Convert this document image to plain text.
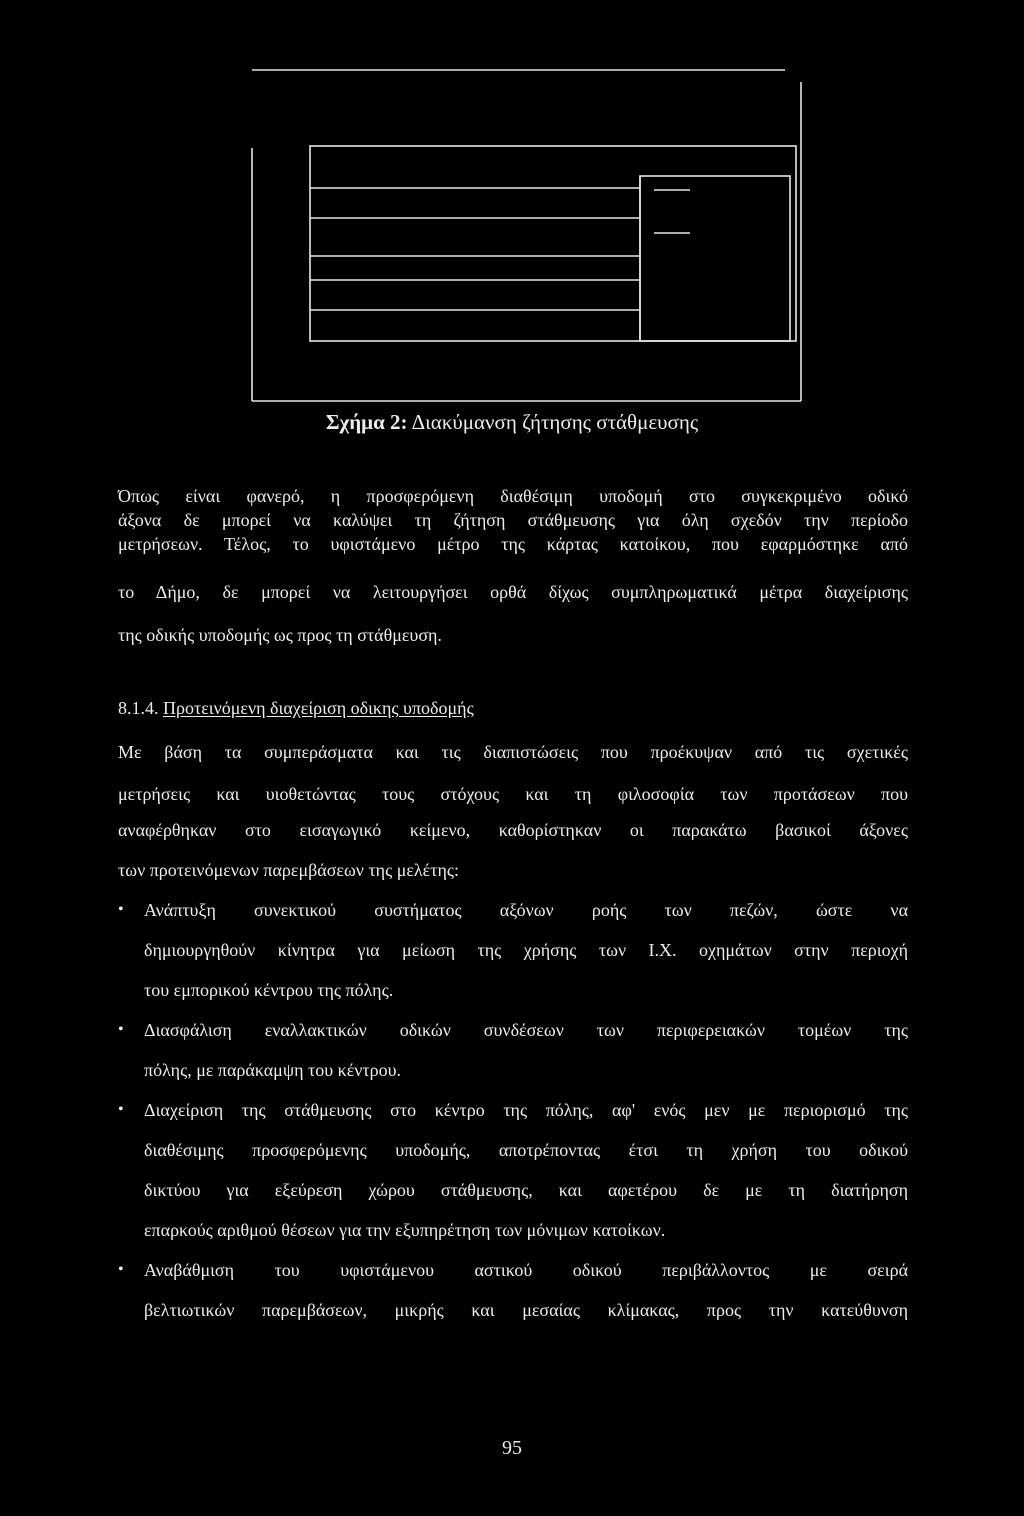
Σχήμα 2: Διακύμανση ζήτησης στάθμευσης
Όπως είναι φανερό, η προσφερόμενη διαθέσιμη υποδομή στο συγκεκριμένο οδικό
άξονα δε μπορεί να καλύψει τη ζήτηση στάθμευσης για όλη σχεδόν την περίοδο
μετρήσεων. Τέλος, το υφιστάμενο μέτρο της κάρτας κατοίκου, που εφαρμόστηκε από
το Δήμο, δε μπορεί να λειτουργήσει ορθά δίχως συμπληρωματικά μέτρα διαχείρισης
της οδικής υποδομής ως προς τη στάθμευση.
8.1.4. Προτεινόμενη διαχείριση οδικης υποδομής
Με βάση τα συμπεράσματα και τις διαπιστώσεις που προέκυψαν από τις σχετικές
μετρήσεις και υιοθετώντας τους στόχους και τη φιλοσοφία των προτάσεων που
αναφέρθηκαν στο εισαγωγικό κείμενο, καθορίστηκαν οι παρακάτω βασικοί άξονες
των προτεινόμενων παρεμβάσεων της μελέτης:
• Ανάπτυξη συνεκτικού συστήματος αξόνων ροής των πεζών, ώστε να
δημιουργηθούν κίνητρα για μείωση της χρήσης των Ι.Χ. οχημάτων στην περιοχή
του εμπορικού κέντρου της πόλης.
• Διασφάλιση εναλλακτικών οδικών συνδέσεων των περιφερειακών τομέων της
πόλης, με παράκαμψη του κέντρου.
• Διαχείριση της στάθμευσης στο κέντρο της πόλης, αφ' ενός μεν με περιορισμό της
διαθέσιμης προσφερόμενης υποδομής, αποτρέποντας έτσι τη χρήση του οδικού
δικτύου για εξεύρεση χώρου στάθμευσης, και αφετέρου δε με τη διατήρηση
επαρκούς αριθμού θέσεων για την εξυπηρέτηση των μόνιμων κατοίκων.
• Αναβάθμιση του υφιστάμενου αστικού οδικού περιβάλλοντος με σειρά
βελτιωτικών παρεμβάσεων, μικρής και μεσαίας κλίμακας, προς την κατεύθυνση
95
